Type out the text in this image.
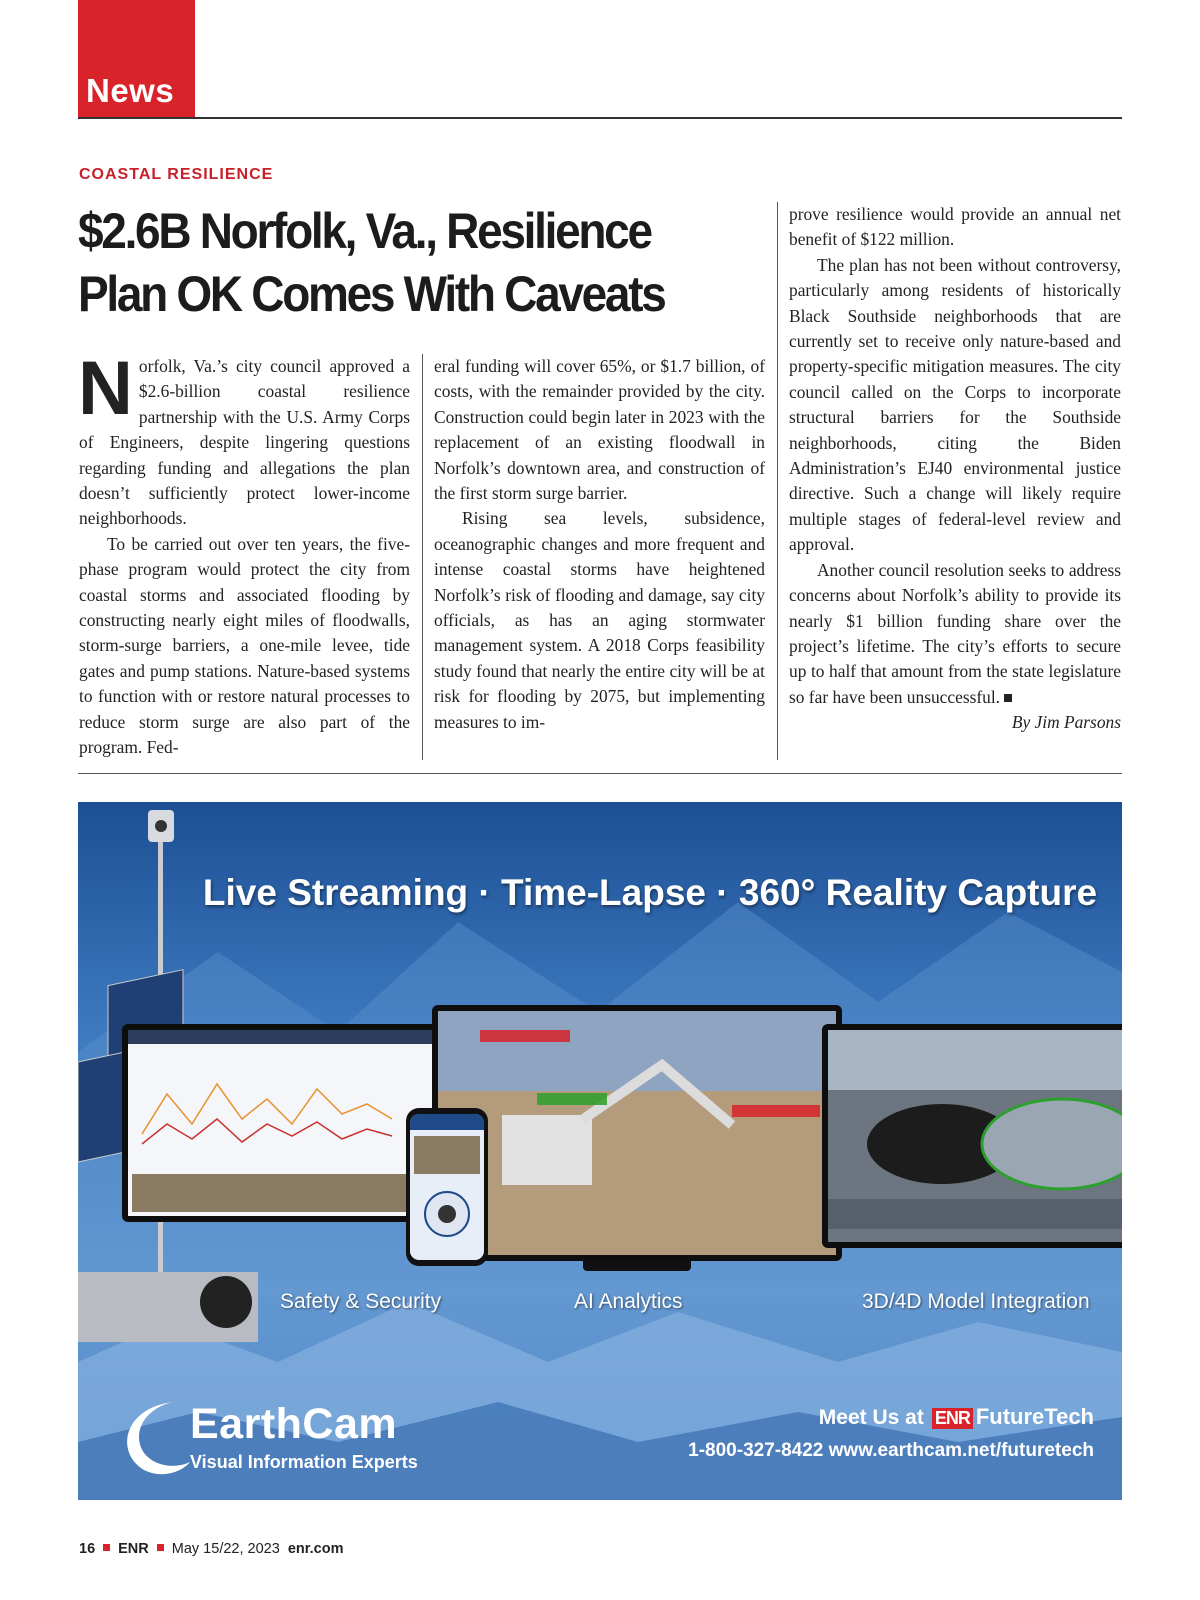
News
COASTAL RESILIENCE
$2.6B Norfolk, Va., Resilience Plan OK Comes With Caveats

Norfolk, Va.’s city council approved a $2.6-billion coastal resilience partnership with the U.S. Army Corps of Engineers, despite lingering questions regarding funding and allegations the plan doesn’t sufficiently protect lower-income neighborhoods.

To be carried out over ten years, the five-phase program would protect the city from coastal storms and associated flooding by constructing nearly eight miles of floodwalls, storm-surge barriers, a one-mile levee, tide gates and pump stations. Nature-based systems to function with or restore natural processes to reduce storm surge are also part of the program. Fed-

eral funding will cover 65%, or $1.7 billion, of costs, with the remainder provided by the city. Construction could begin later in 2023 with the replacement of an existing floodwall in Norfolk’s downtown area, and construction of the first storm surge barrier.

Rising sea levels, subsidence, oceanographic changes and more frequent and intense coastal storms have heightened Norfolk’s risk of flooding and damage, say city officials, as has an aging stormwater management system. A 2018 Corps feasibility study found that nearly the entire city will be at risk for flooding by 2075, but implementing measures to im-

prove resilience would provide an annual net benefit of $122 million.

The plan has not been without controversy, particularly among residents of historically Black Southside neighborhoods that are currently set to receive only nature-based and property-specific mitigation measures. The city council called on the Corps to incorporate structural barriers for the Southside neighborhoods, citing the Biden Administration’s EJ40 environmental justice directive. Such a change will likely require multiple stages of federal-level review and approval.

Another council resolution seeks to address concerns about Norfolk’s ability to provide its nearly $1 billion funding share over the project’s lifetime. The city’s efforts to secure up to half that amount from the state legislature so far have been unsuccessful.

By Jim Parsons

Live Streaming · Time-Lapse · 360° Reality Capture
Safety & Security	AI Analytics	3D/4D Model Integration
EarthCam
Visual Information Experts
Meet Us at ENR FutureTech
1-800-327-8422 www.earthcam.net/futuretech
16 ENR May 15/22, 2023 enr.com
